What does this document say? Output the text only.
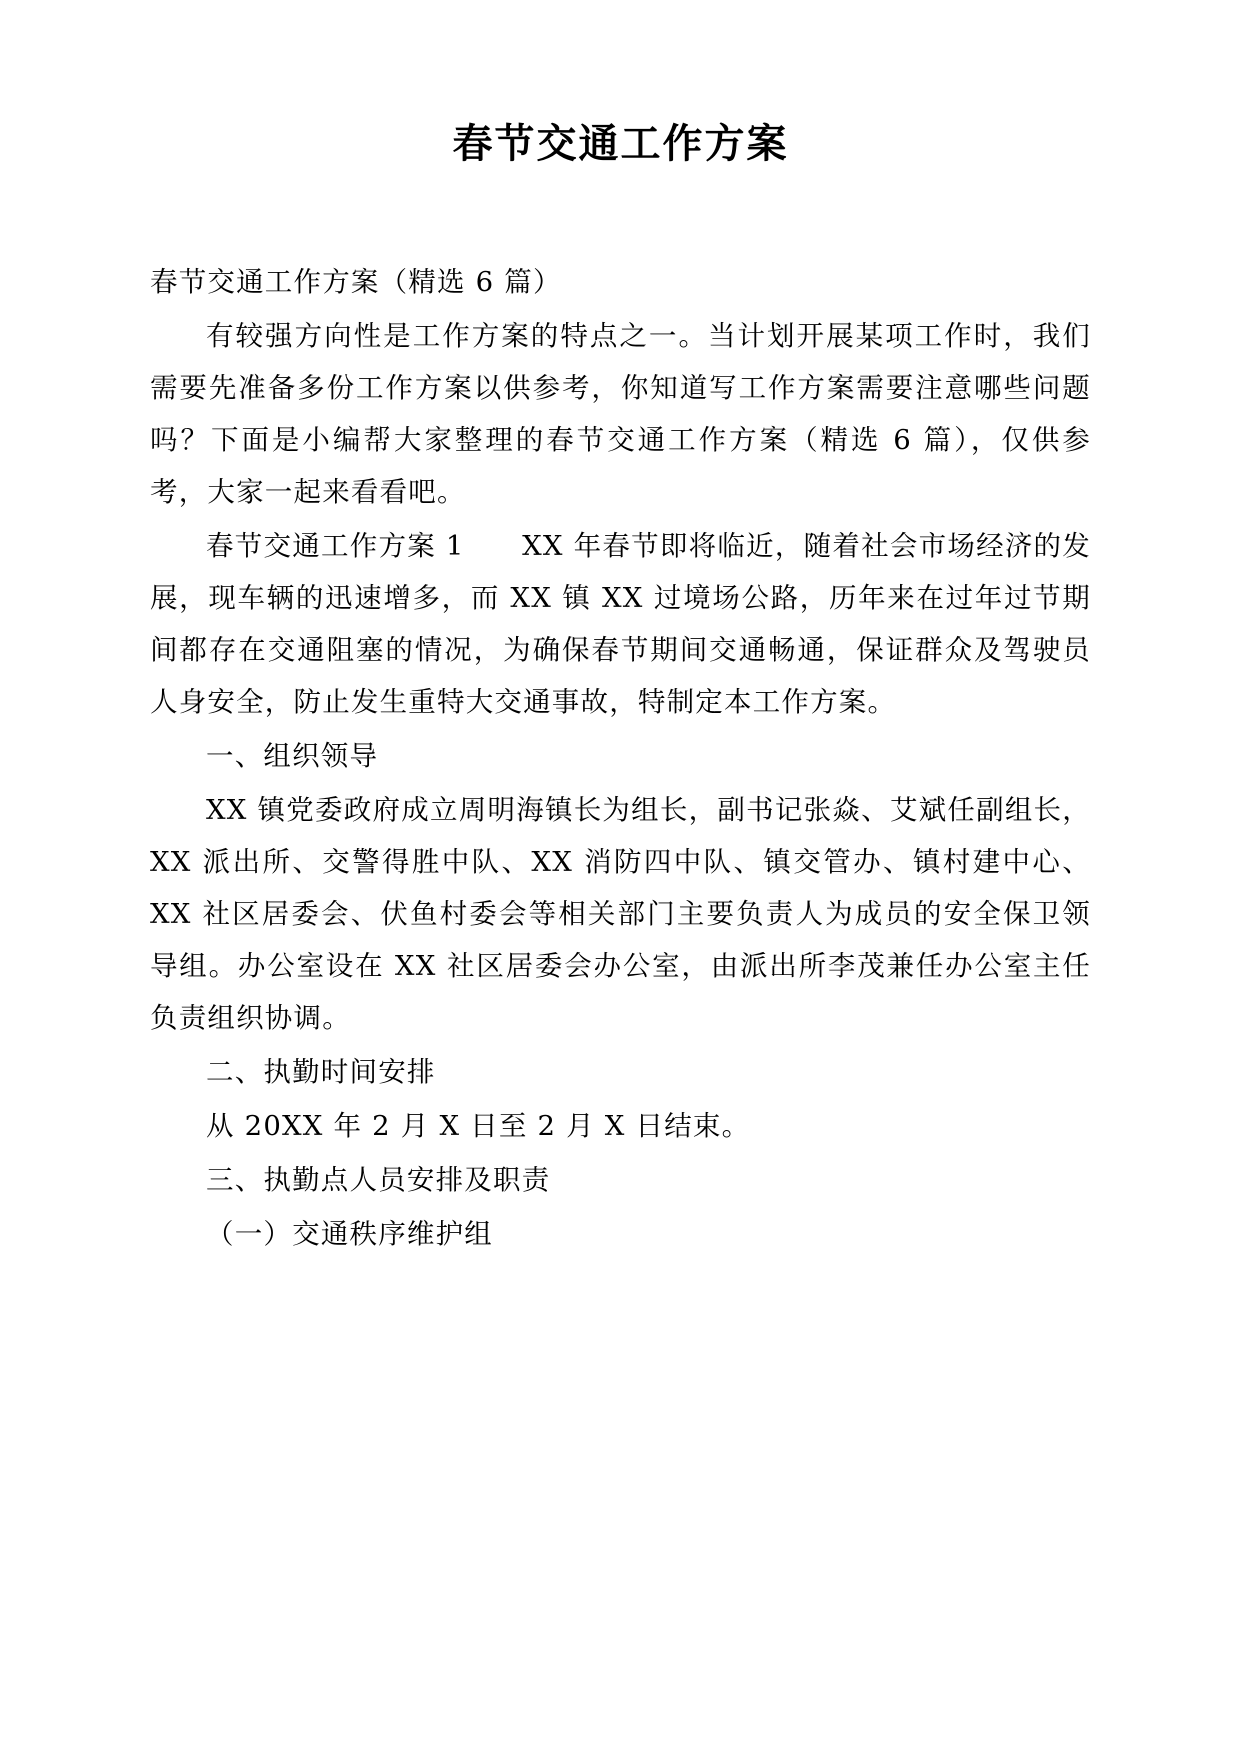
春节交通工作方案

春节交通工作方案（精选 6 篇）

有较强方向性是工作方案的特点之一。当计划开展某项工作时，我们需要先准备多份工作方案以供参考，你知道写工作方案需要注意哪些问题吗？下面是小编帮大家整理的春节交通工作方案（精选 6 篇），仅供参考，大家一起来看看吧。

春节交通工作方案 1　　XX 年春节即将临近，随着社会市场经济的发展，现车辆的迅速增多，而 XX 镇 XX 过境场公路，历年来在过年过节期间都存在交通阻塞的情况，为确保春节期间交通畅通，保证群众及驾驶员人身安全，防止发生重特大交通事故，特制定本工作方案。

一、组织领导

XX 镇党委政府成立周明海镇长为组长，副书记张焱、艾斌任副组长，XX 派出所、交警得胜中队、XX 消防四中队、镇交管办、镇村建中心、XX 社区居委会、伏鱼村委会等相关部门主要负责人为成员的安全保卫领导组。办公室设在 XX 社区居委会办公室，由派出所李茂兼任办公室主任负责组织协调。

二、执勤时间安排

从 20XX 年 2 月 X 日至 2 月 X 日结束。

三、执勤点人员安排及职责

（一）交通秩序维护组
